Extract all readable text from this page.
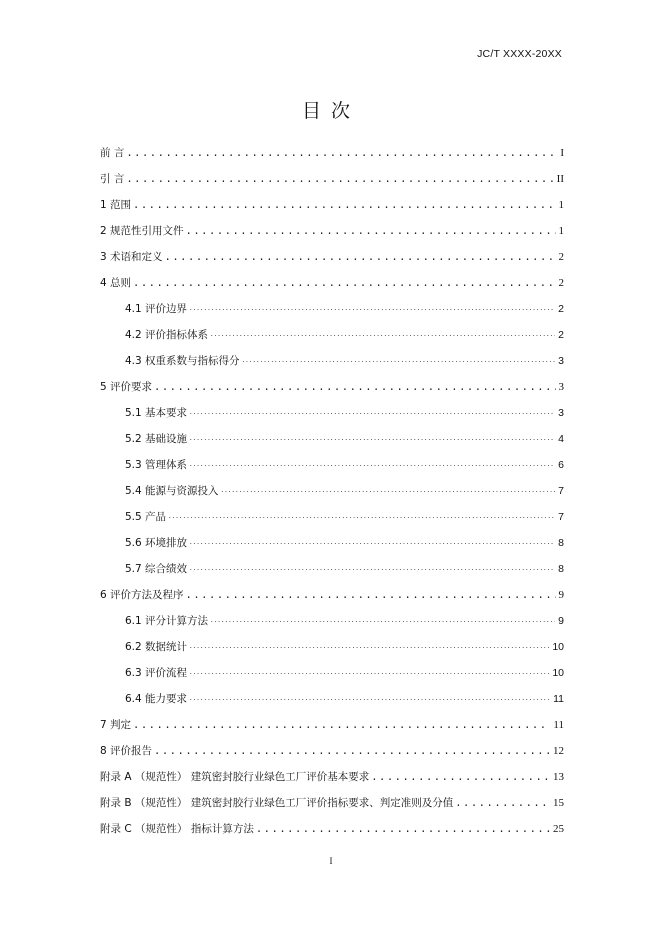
JC/T XXXX-20XX
目次
前 言 .....	I
引 言 .....	II
1 范围 .....	1
2 规范性引用文件 .....	1
3 术语和定义 .....	2
4 总则 .....	2
4.1 评价边界 .....	2
4.2 评价指标体系 .....	2
4.3 权重系数与指标得分 .....	3
5 评价要求 .....	3
5.1 基本要求 .....	3
5.2 基础设施 .....	4
5.3 管理体系 .....	6
5.4 能源与资源投入 .....	7
5.5 产品 .....	7
5.6 环境排放 .....	8
5.7 综合绩效 .....	8
6 评价方法及程序 .....	9
6.1 评分计算方法 .....	9
6.2 数据统计 .....	10
6.3 评价流程 .....	10
6.4 能力要求 .....	11
7 判定 .....	11
8 评价报告 .....	12
附录 A （规范性） 建筑密封胶行业绿色工厂评价基本要求 .....	13
附录 B （规范性） 建筑密封胶行业绿色工厂评价指标要求、判定准则及分值 .....	15
附录 C （规范性） 指标计算方法 .....	25
I
